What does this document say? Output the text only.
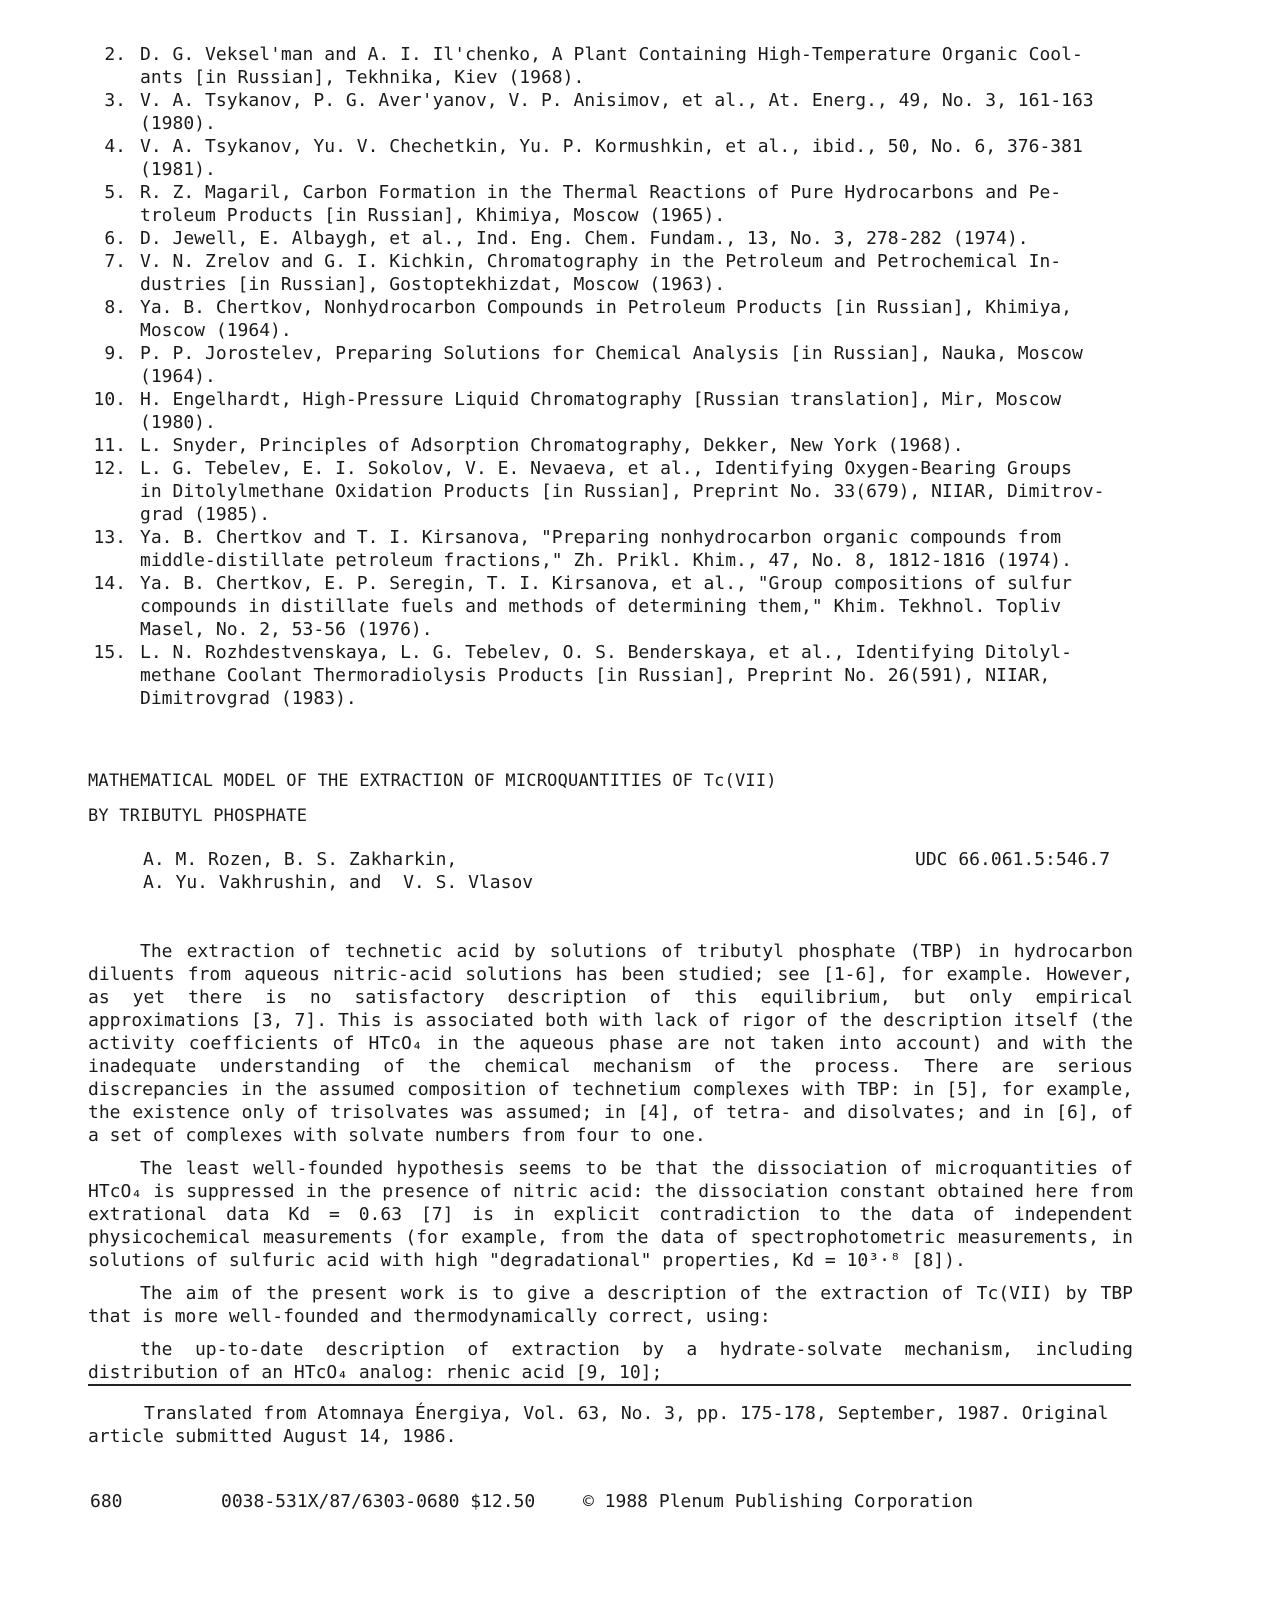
2. D. G. Veksel'man and A. I. Il'chenko, A Plant Containing High-Temperature Organic Cool-
ants [in Russian], Tekhnika, Kiev (1968).
3. V. A. Tsykanov, P. G. Aver'yanov, V. P. Anisimov, et al., At. Energ., 49, No. 3, 161-163
(1980).
4. V. A. Tsykanov, Yu. V. Chechetkin, Yu. P. Kormushkin, et al., ibid., 50, No. 6, 376-381
(1981).
5. R. Z. Magaril, Carbon Formation in the Thermal Reactions of Pure Hydrocarbons and Pe-
troleum Products [in Russian], Khimiya, Moscow (1965).
6. D. Jewell, E. Albaygh, et al., Ind. Eng. Chem. Fundam., 13, No. 3, 278-282 (1974).
7. V. N. Zrelov and G. I. Kichkin, Chromatography in the Petroleum and Petrochemical In-
dustries [in Russian], Gostoptekhizdat, Moscow (1963).
8. Ya. B. Chertkov, Nonhydrocarbon Compounds in Petroleum Products [in Russian], Khimiya,
Moscow (1964).
9. P. P. Jorostelev, Preparing Solutions for Chemical Analysis [in Russian], Nauka, Moscow
(1964).
10. H. Engelhardt, High-Pressure Liquid Chromatography [Russian translation], Mir, Moscow
(1980).
11. L. Snyder, Principles of Adsorption Chromatography, Dekker, New York (1968).
12. L. G. Tebelev, E. I. Sokolov, V. E. Nevaeva, et al., Identifying Oxygen-Bearing Groups
in Ditolylmethane Oxidation Products [in Russian], Preprint No. 33(679), NIIAR, Dimitrov-
grad (1985).
13. Ya. B. Chertkov and T. I. Kirsanova, "Preparing nonhydrocarbon organic compounds from
middle-distillate petroleum fractions," Zh. Prikl. Khim., 47, No. 8, 1812-1816 (1974).
14. Ya. B. Chertkov, E. P. Seregin, T. I. Kirsanova, et al., "Group compositions of sulfur
compounds in distillate fuels and methods of determining them," Khim. Tekhnol. Topliv
Masel, No. 2, 53-56 (1976).
15. L. N. Rozhdestvenskaya, L. G. Tebelev, O. S. Benderskaya, et al., Identifying Ditolyl-
methane Coolant Thermoradiolysis Products [in Russian], Preprint No. 26(591), NIIAR,
Dimitrovgrad (1983).
MATHEMATICAL MODEL OF THE EXTRACTION OF MICROQUANTITIES OF Tc(VII)
BY TRIBUTYL PHOSPHATE
A. M. Rozen, B. S. Zakharkin,
A. Yu. Vakhrushin, and  V. S. Vlasov
UDC 66.061.5:546.7

The extraction of technetic acid by solutions of tributyl phosphate (TBP) in hydrocarbon diluents from aqueous nitric-acid solutions has been studied; see [1-6], for example. However, as yet there is no satisfactory description of this equilibrium, but only empirical approximations [3, 7]. This is associated both with lack of rigor of the description itself (the activity coefficients of HTcO₄ in the aqueous phase are not taken into account) and with the inadequate understanding of the chemical mechanism of the process. There are serious discrepancies in the assumed composition of technetium complexes with TBP: in [5], for example, the existence only of trisolvates was assumed; in [4], of tetra- and disolvates; and in [6], of a set of complexes with solvate numbers from four to one.

The least well-founded hypothesis seems to be that the dissociation of microquantities of HTcO₄ is suppressed in the presence of nitric acid: the dissociation constant obtained here from extrational data Kd = 0.63 [7] is in explicit contradiction to the data of independent physicochemical measurements (for example, from the data of spectrophotometric measurements, in solutions of sulfuric acid with high "degradational" properties, Kd = 10³·⁸ [8]).

The aim of the present work is to give a description of the extraction of Tc(VII) by TBP that is more well-founded and thermodynamically correct, using:

the up-to-date description of extraction by a hydrate-solvate mechanism, including distribution of an HTcO₄ analog: rhenic acid [9, 10];

Translated from Atomnaya Énergiya, Vol. 63, No. 3, pp. 175-178, September, 1987. Original article submitted August 14, 1986.
680	0038-531X/87/6303-0680 $12.50	© 1988 Plenum Publishing Corporation
